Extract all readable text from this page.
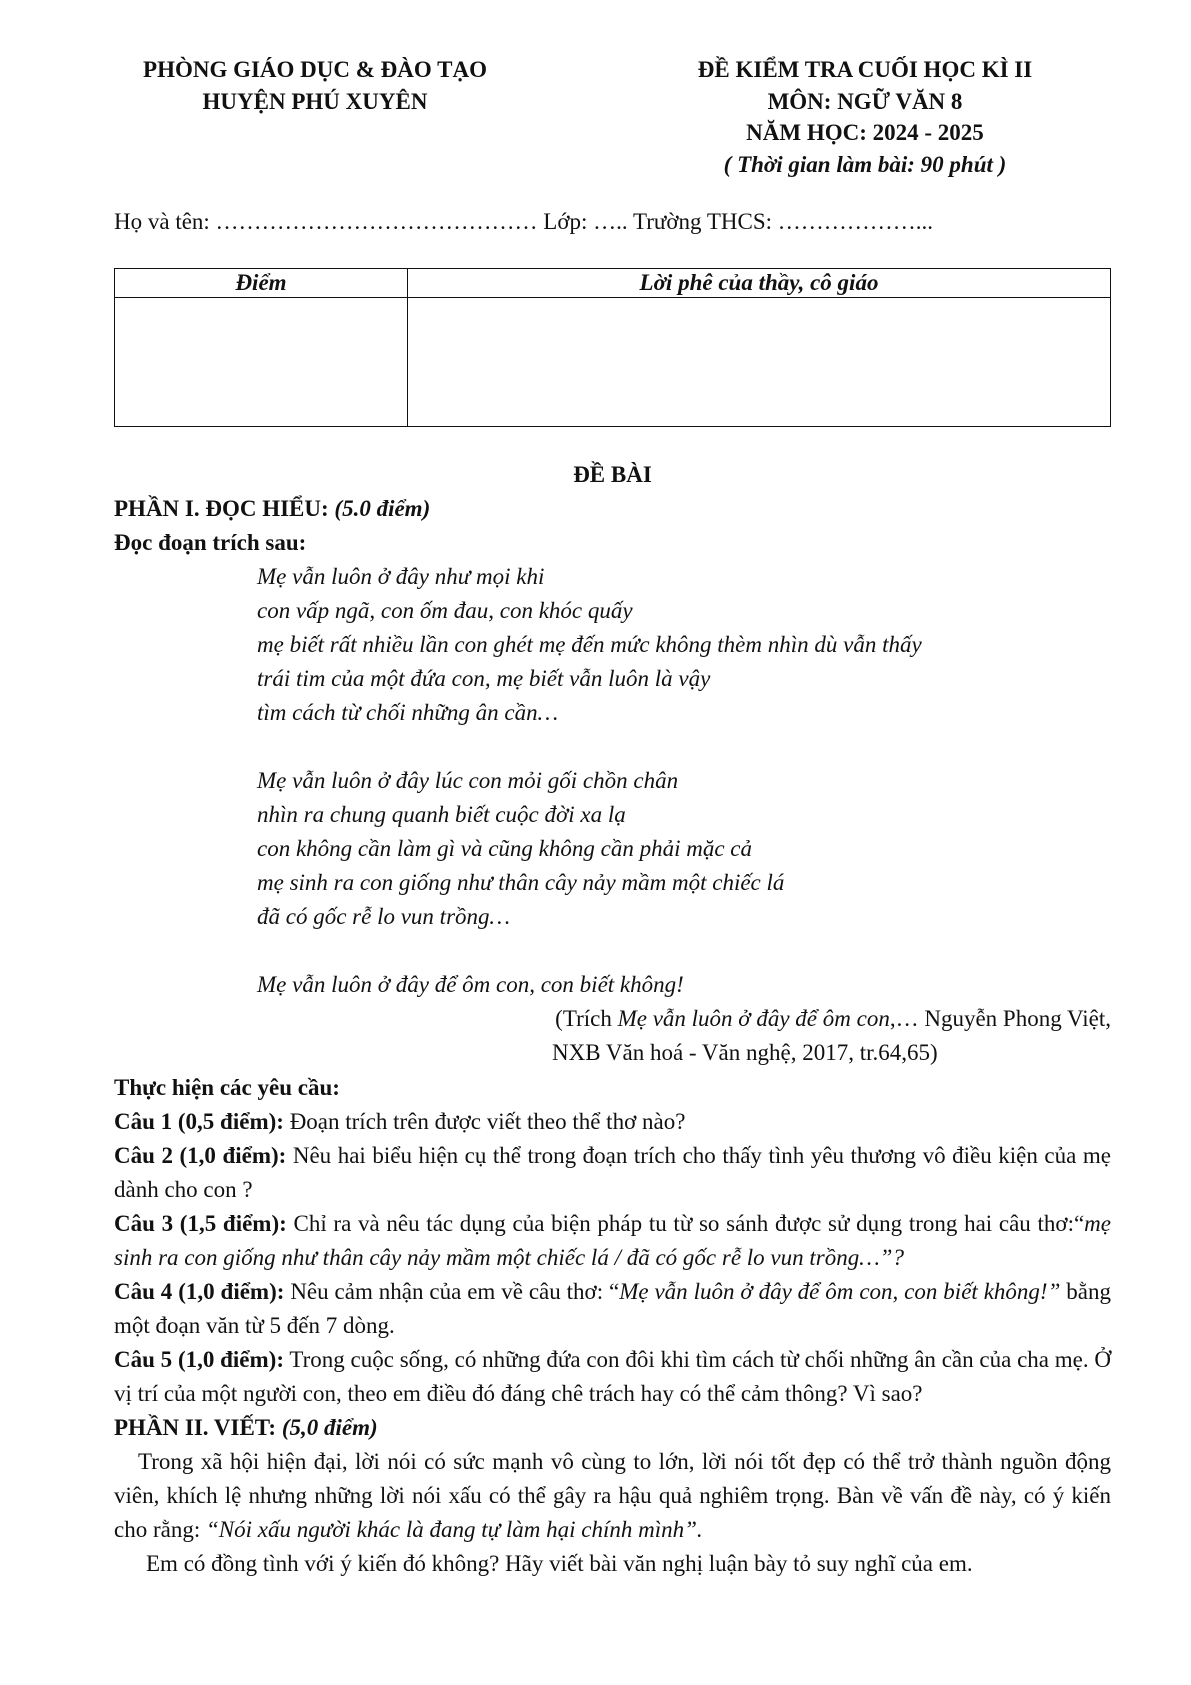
PHÒNG GIÁO DỤC & ĐÀO TẠO
HUYỆN PHÚ XUYÊN
ĐỀ KIỂM TRA CUỐI HỌC KÌ II
MÔN: NGỮ VĂN 8
NĂM HỌC: 2024 - 2025
( Thời gian làm bài: 90 phút )
Họ và tên: …………………………………… Lớp: ….. Trường THCS: ………………...
Điểm	Lời phê của thầy, cô giáo

ĐỀ BÀI

PHẦN I. ĐỌC HIỂU: (5.0 điểm)

Đọc đoạn trích sau:

Mẹ vẫn luôn ở đây như mọi khi
con vấp ngã, con ốm đau, con khóc quấy
mẹ biết rất nhiều lần con ghét mẹ đến mức không thèm nhìn dù vẫn thấy
trái tim của một đứa con, mẹ biết vẫn luôn là vậy
tìm cách từ chối những ân cần…
Mẹ vẫn luôn ở đây lúc con mỏi gối chồn chân
nhìn ra chung quanh biết cuộc đời xa lạ
con không cần làm gì và cũng không cần phải mặc cả
mẹ sinh ra con giống như thân cây nảy mầm một chiếc lá
đã có gốc rễ lo vun trồng…
Mẹ vẫn luôn ở đây để ôm con, con biết không!

(Trích Mẹ vẫn luôn ở đây để ôm con,… Nguyễn Phong Việt,

NXB Văn hoá - Văn nghệ, 2017, tr.64,65)

Thực hiện các yêu cầu:

Câu 1 (0,5 điểm): Đoạn trích trên được viết theo thể thơ nào?

Câu 2 (1,0 điểm): Nêu hai biểu hiện cụ thể trong đoạn trích cho thấy tình yêu thương vô điều kiện của mẹ dành cho con ?

Câu 3 (1,5 điểm): Chỉ ra và nêu tác dụng của biện pháp tu từ so sánh được sử dụng trong hai câu thơ:“mẹ sinh ra con giống như thân cây nảy mầm một chiếc lá / đã có gốc rễ lo vun trồng…”?

Câu 4 (1,0 điểm): Nêu cảm nhận của em về câu thơ: “Mẹ vẫn luôn ở đây để ôm con, con biết không!” bằng một đoạn văn từ 5 đến 7 dòng.

Câu 5 (1,0 điểm): Trong cuộc sống, có những đứa con đôi khi tìm cách từ chối những ân cần của cha mẹ. Ở vị trí của một người con, theo em điều đó đáng chê trách hay có thể cảm thông? Vì sao?

PHẦN II. VIẾT: (5,0 điểm)

Trong xã hội hiện đại, lời nói có sức mạnh vô cùng to lớn, lời nói tốt đẹp có thể trở thành nguồn động viên, khích lệ nhưng những lời nói xấu có thể gây ra hậu quả nghiêm trọng. Bàn về vấn đề này, có ý kiến cho rằng: “Nói xấu người khác là đang tự làm hại chính mình”.

Em có đồng tình với ý kiến đó không? Hãy viết bài văn nghị luận bày tỏ suy nghĩ của em.
